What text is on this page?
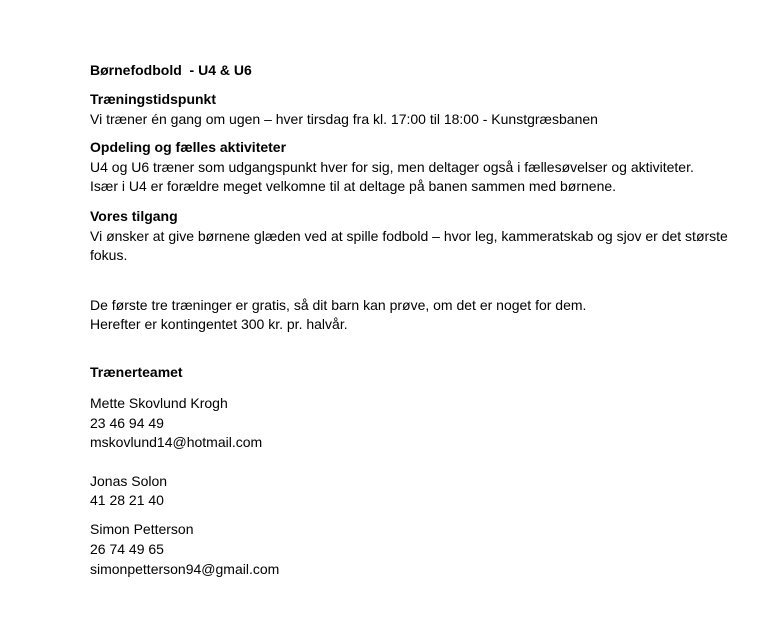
Børnefodbold  - U4 & U6
Træningstidspunkt
Vi træner én gang om ugen – hver tirsdag fra kl. 17:00 til 18:00 - Kunstgræsbanen
Opdeling og fælles aktiviteter
U4 og U6 træner som udgangspunkt hver for sig, men deltager også i fællesøvelser og aktiviteter.
Især i U4 er forældre meget velkomne til at deltage på banen sammen med børnene.
Vores tilgang
Vi ønsker at give børnene glæden ved at spille fodbold – hvor leg, kammeratskab og sjov er det største
fokus.
De første tre træninger er gratis, så dit barn kan prøve, om det er noget for dem.
Herefter er kontingentet 300 kr. pr. halvår.
Trænerteamet
Mette Skovlund Krogh
23 46 94 49
mskovlund14@hotmail.com
Jonas Solon
41 28 21 40
Simon Petterson
26 74 49 65
simonpetterson94@gmail.com
